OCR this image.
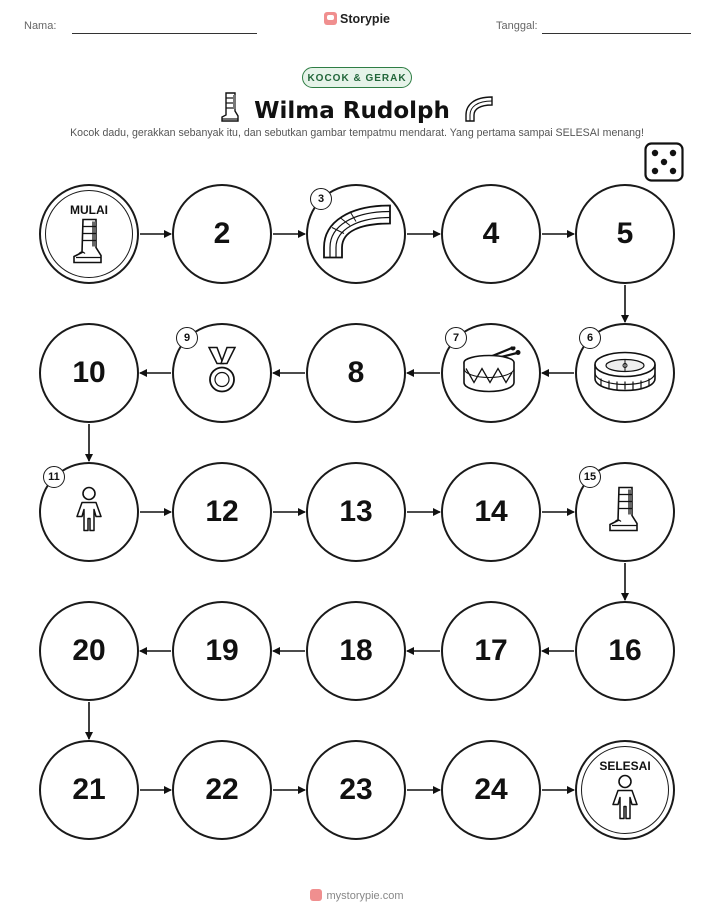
Nama:	Storypie	Tanggal:
KOCOK & GERAK
Wilma Rudolph
Kocok dadu, gerakkan sebanyak itu, dan sebutkan gambar tempatmu mendarat. Yang pertama sampai SELESAI menang!
MULAI
2
3
4	5
6
7
8
9
10
11
12	13	14
15
16
17
18
19
20
21	22	23	24
SELESAI
mystorypie.com
